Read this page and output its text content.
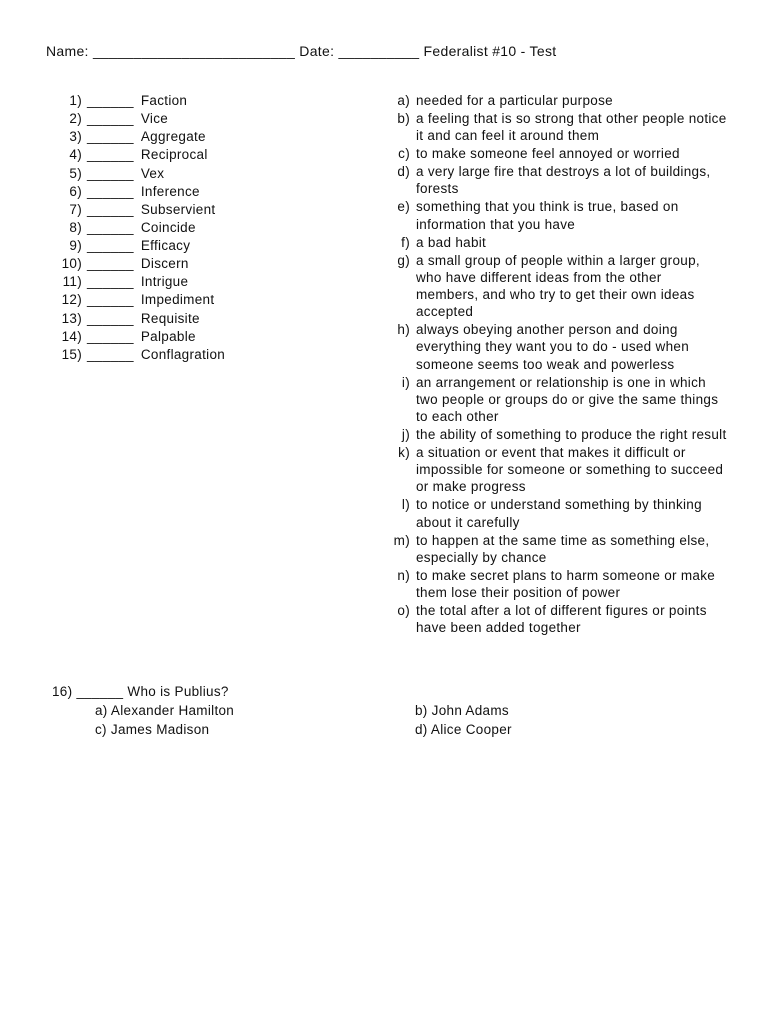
Name: _________________________ Date: __________ Federalist #10 - Test
1) ______ Faction
2) ______ Vice
3) ______ Aggregate
4) ______ Reciprocal
5) ______ Vex
6) ______ Inference
7) ______ Subservient
8) ______ Coincide
9) ______ Efficacy
10) ______ Discern
11) ______ Intrigue
12) ______ Impediment
13) ______ Requisite
14) ______ Palpable
15) ______ Conflagration
a) needed for a particular purpose
b) a feeling that is so strong that other people notice it and can feel it around them
c) to make someone feel annoyed or worried
d) a very large fire that destroys a lot of buildings, forests
e) something that you think is true, based on information that you have
f) a bad habit
g) a small group of people within a larger group, who have different ideas from the other members, and who try to get their own ideas accepted
h) always obeying another person and doing everything they want you to do - used when someone seems too weak and powerless
i) an arrangement or relationship is one in which two people or groups do or give the same things to each other
j) the ability of something to produce the right result
k) a situation or event that makes it difficult or impossible for someone or something to succeed or make progress
l) to notice or understand something by thinking about it carefully
m) to happen at the same time as something else, especially by chance
n) to make secret plans to harm someone or make them lose their position of power
o) the total after a lot of different figures or points have been added together
16) ______ Who is Publius?
a) Alexander Hamilton	b) John Adams
c) James Madison	d) Alice Cooper
